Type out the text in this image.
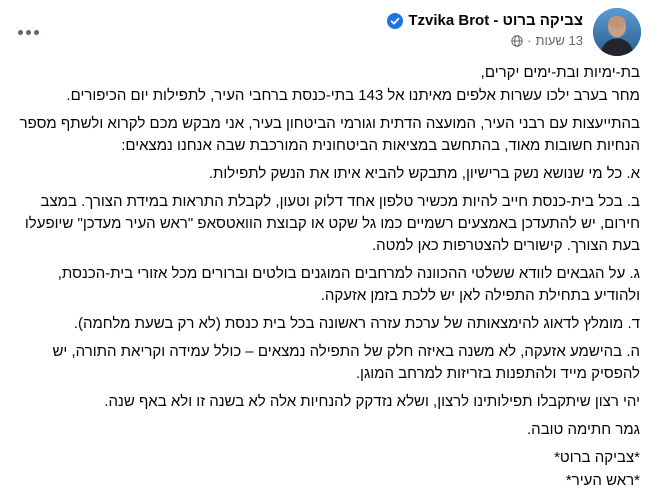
צביקה ברוט - Tzvika Brot
13 שעות
·
בת-ימיות ובת-ימים יקרים,
מחר בערב ילכו עשרות אלפים מאיתנו אל 143 בתי-כנסת ברחבי העיר, לתפילות יום הכיפורים.
בהתייעצות עם רבני העיר, המועצה הדתית וגורמי הביטחון בעיר, אני מבקש מכם לקרוא ולשתף מספר הנחיות חשובות מאוד, בהתחשב במציאות הביטחונית המורכבת שבה אנחנו נמצאים:
א. כל מי שנושא נשק ברישיון, מתבקש להביא איתו את הנשק לתפילות.
ב. בכל בית-כנסת חייב להיות מכשיר טלפון אחד דלוק וטעון, לקבלת התראות במידת הצורך. במצב חירום, יש להתעדכן באמצעים רשמיים כמו גל שקט או קבוצת הוואטסאפ "ראש העיר מעדכן" שיופעלו בעת הצורך. קישורים להצטרפות כאן למטה.
ג. על הגבאים לוודא ששלטי ההכוונה למרחבים המוגנים בולטים וברורים מכל אזורי בית-הכנסת, ולהודיע בתחילת התפילה לאן יש ללכת בזמן אזעקה.
ד. מומלץ לדאוג להימצאותה של ערכת עזרה ראשונה בכל בית כנסת (לא רק בשעת מלחמה).
ה. בהישמע אזעקה, לא משנה באיזה חלק של התפילה נמצאים – כולל עמידה וקריאת התורה, יש להפסיק מייד ולהתפנות בזריזות למרחב המוגן.
יהי רצון שיתקבלו תפילותינו לרצון, ושלא נזדקק להנחיות אלה לא בשנה זו ולא באף שנה.
גמר חתימה טובה.
*צביקה ברוט*
*ראש העיר*
